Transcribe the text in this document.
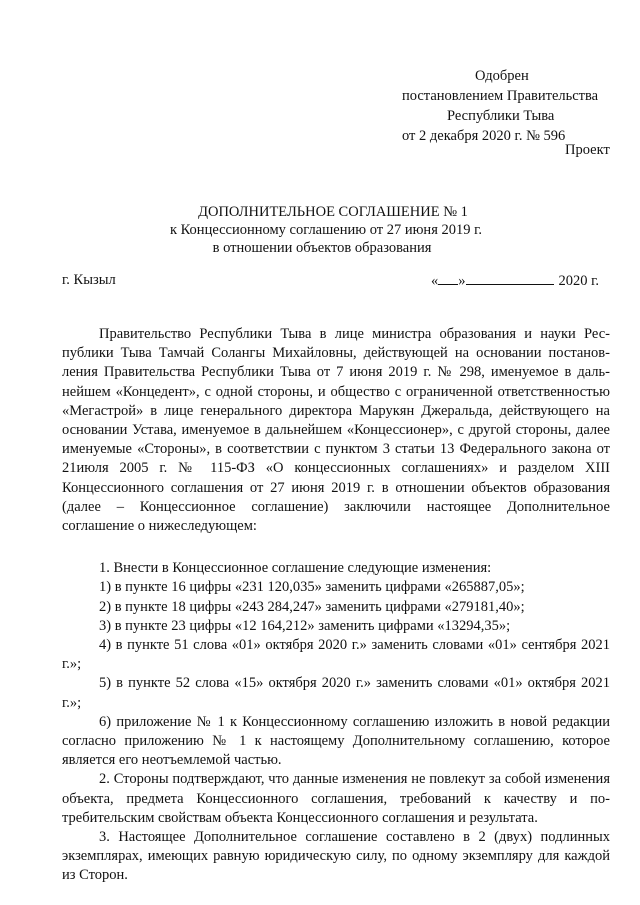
Одобрен
постановлением Правительства
Республики Тыва
от 2 декабря 2020 г. № 596
Проект
ДОПОЛНИТЕЛЬНОЕ СОГЛАШЕНИЕ № 1
к Концессионному соглашению от 27 июня 2019 г.
в отношении объектов образования
г. Кызыл	« »	2020 г.

Правительство Республики Тыва в лице министра образования и науки Республики Тыва Тамчай Солангы Михайловны, действующей на основании постановления Правительства Республики Тыва от 7 июня 2019 г. № 298, именуемое в дальнейшем «Концедент», с одной стороны, и общество с ограниченной ответственностью «Мегастрой» в лице генерального директора Марукян Джеральда, действующего на основании Устава, именуемое в дальнейшем «Концессионер», с другой стороны, далее именуемые «Стороны», в соответствии с пунктом 3 статьи 13 Федерального закона от 21июля 2005 г. № 115-ФЗ «О концессионных соглашениях» и разделом XIII Концессионного соглашения от 27 июня 2019 г. в отношении объектов образования (далее – Концессионное соглашение) заключили настоящее Дополнительное соглашение о нижеследующем:

1. Внести в Концессионное соглашение следующие изменения:

1) в пункте 16 цифры «231 120,035» заменить цифрами «265887,05»;

2) в пункте 18 цифры «243 284,247» заменить цифрами «279181,40»;

3) в пункте 23 цифры «12 164,212» заменить цифрами «13294,35»;

4) в пункте 51 слова «01» октября 2020 г.» заменить словами «01» сентября 2021 г.»;

5) в пункте 52 слова «15» октября 2020 г.» заменить словами «01» октября 2021 г.»;

6) приложение № 1 к Концессионному соглашению изложить в новой редакции согласно приложению № 1 к настоящему Дополнительному соглашению, которое является его неотъемлемой частью.

2. Стороны подтверждают, что данные изменения не повлекут за собой изменения объекта, предмета Концессионного соглашения, требований к качеству и потребительским свойствам объекта Концессионного соглашения и результата.

3. Настоящее Дополнительное соглашение составлено в 2 (двух) подлинных экземплярах, имеющих равную юридическую силу, по одному экземпляру для каждой из Сторон.
